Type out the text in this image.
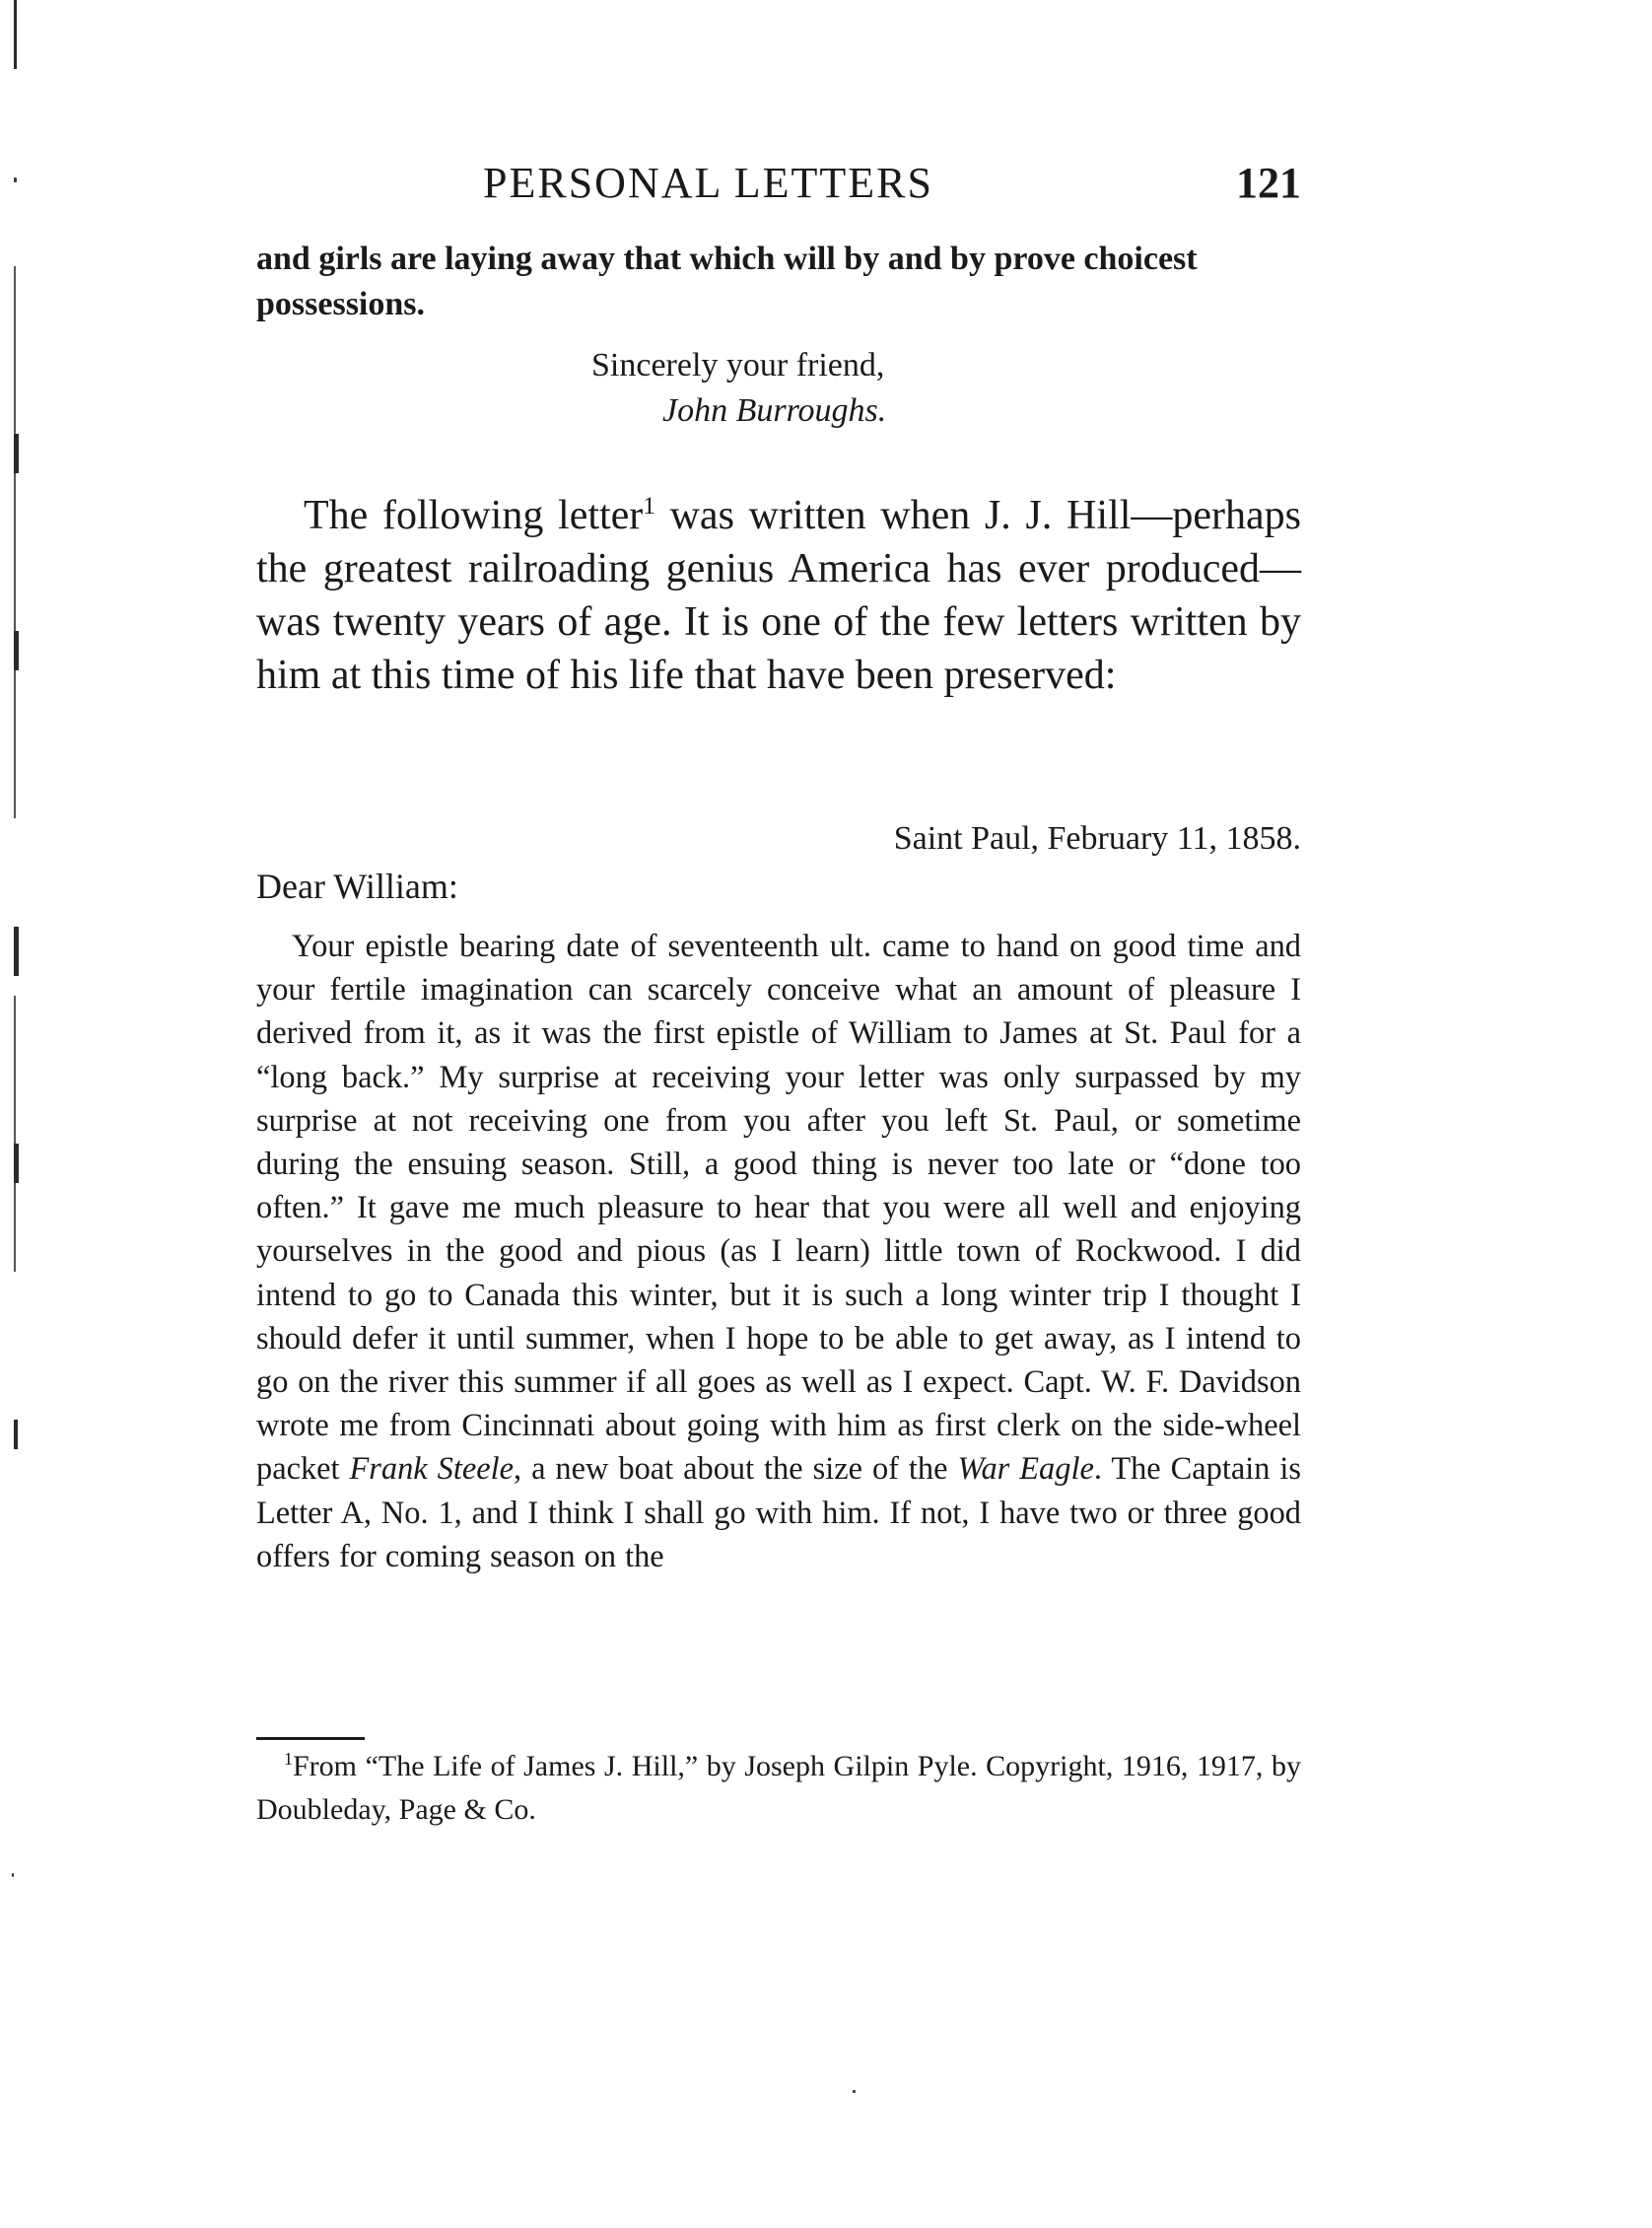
PERSONAL LETTERS	121

and girls are laying away that which will by and by prove choicest

possessions.

Sincerely your friend,
John Burroughs.
The following letter$^1$ was written when J. J. Hill—perhaps the greatest railroading genius America has ever produced—was twenty years of age. It is one of the few letters written by him at this time of his life that have been preserved:
Saint Paul, February 11, 1858.
Dear William:
Your epistle bearing date of seventeenth ult. came to hand on good time and your fertile imagination can scarcely conceive what an amount of pleasure I derived from it, as it was the first epistle of William to James at St. Paul for a “long back.” My surprise at receiving your letter was only surpassed by my surprise at not receiving one from you after you left St. Paul, or sometime during the ensuing season. Still, a good thing is never too late or “done too often.” It gave me much pleasure to hear that you were all well and enjoying yourselves in the good and pious (as I learn) little town of Rockwood. I did intend to go to Canada this winter, but it is such a long winter trip I thought I should defer it until summer, when I hope to be able to get away, as I intend to go on the river this summer if all goes as well as I expect. Capt. W. F. Davidson wrote me from Cincinnati about going with him as first clerk on the side-wheel packet Frank Steele, a new boat about the size of the War Eagle. The Captain is Letter A, No. 1, and I think I shall go with him. If not, I have two or three good offers for coming season on the
$^1$From “The Life of James J. Hill,” by Joseph Gilpin Pyle. Copyright, 1916, 1917, by Doubleday, Page & Co.
